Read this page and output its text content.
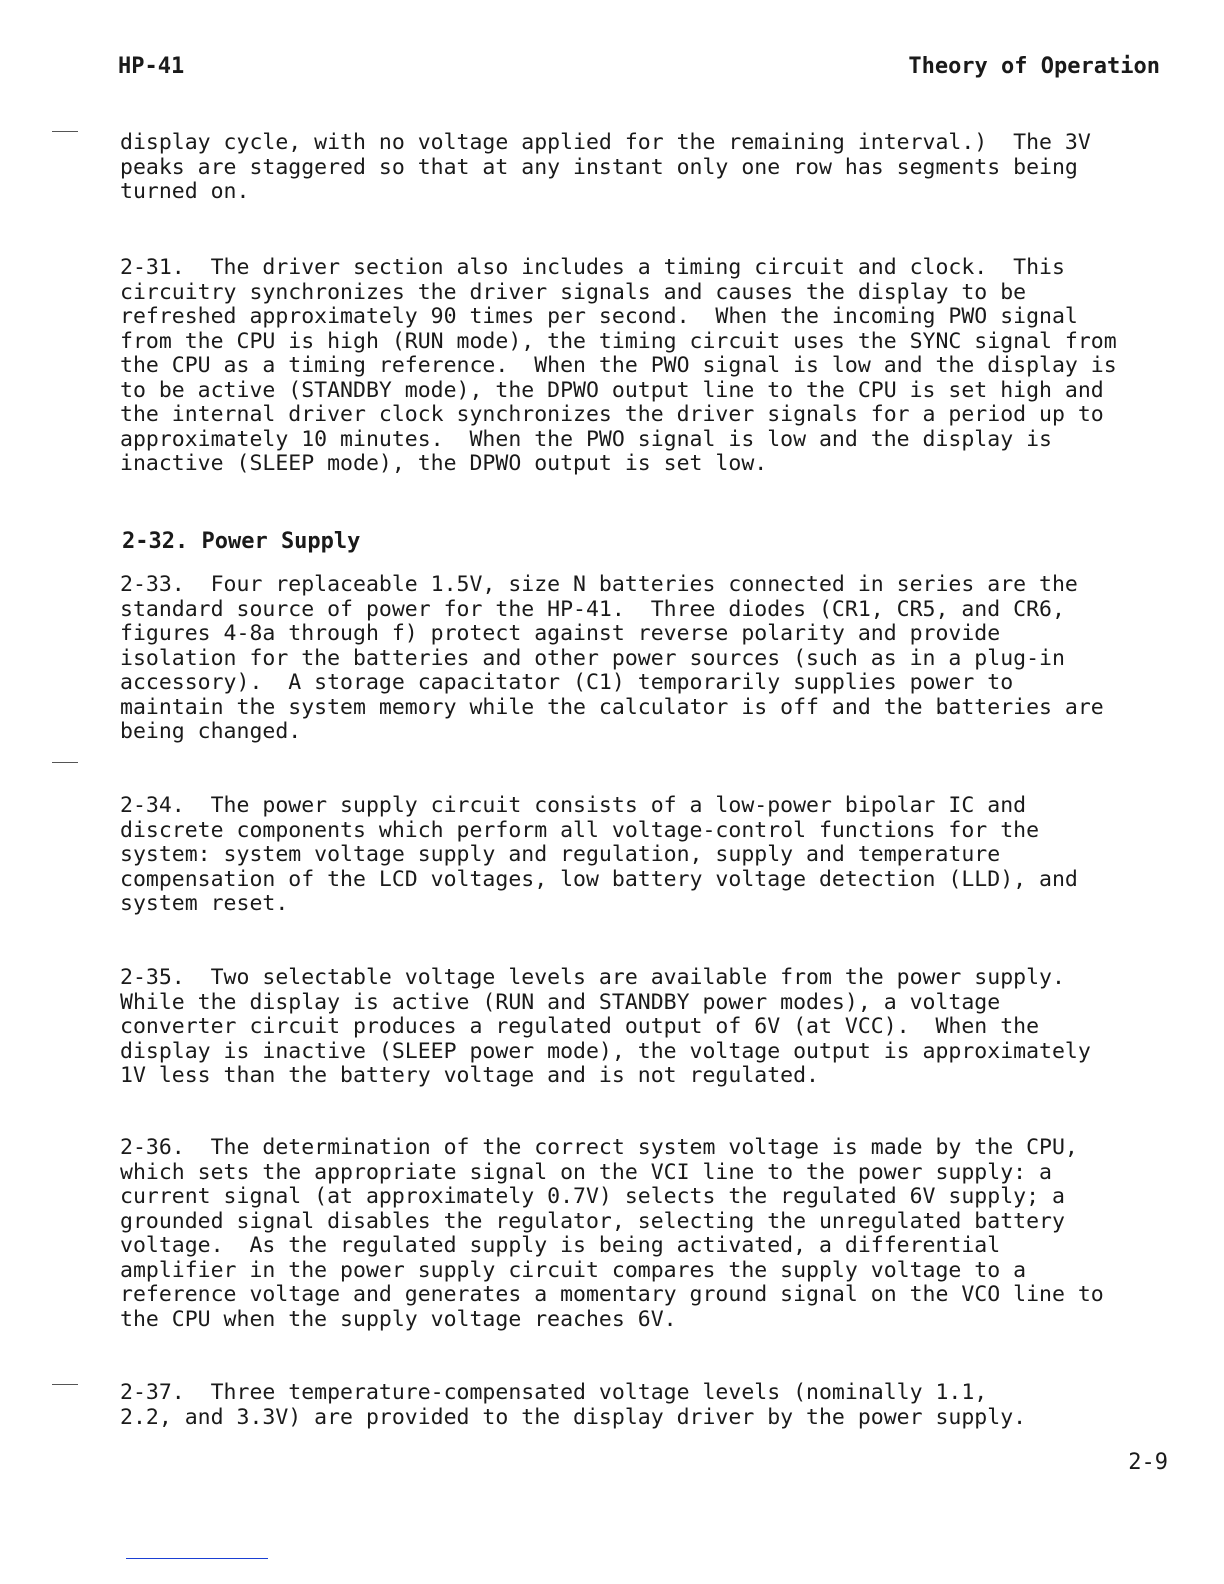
HP-41	Theory of Operation
display cycle, with no voltage applied for the remaining interval.)  The 3V
peaks are staggered so that at any instant only one row has segments being
turned on.
2-31.  The driver section also includes a timing circuit and clock.  This
circuitry synchronizes the driver signals and causes the display to be
refreshed approximately 90 times per second.  When the incoming PWO signal
from the CPU is high (RUN mode), the timing circuit uses the SYNC signal from
the CPU as a timing reference.  When the PWO signal is low and the display is
to be active (STANDBY mode), the DPWO output line to the CPU is set high and
the internal driver clock synchronizes the driver signals for a period up to
approximately 10 minutes.  When the PWO signal is low and the display is
inactive (SLEEP mode), the DPWO output is set low.
2-32. Power Supply
2-33.  Four replaceable 1.5V, size N batteries connected in series are the
standard source of power for the HP-41.  Three diodes (CR1, CR5, and CR6,
figures 4-8a through f) protect against reverse polarity and provide
isolation for the batteries and other power sources (such as in a plug-in
accessory).  A storage capacitator (C1) temporarily supplies power to
maintain the system memory while the calculator is off and the batteries are
being changed.
2-34.  The power supply circuit consists of a low-power bipolar IC and
discrete components which perform all voltage-control functions for the
system: system voltage supply and regulation, supply and temperature
compensation of the LCD voltages, low battery voltage detection (LLD), and
system reset.
2-35.  Two selectable voltage levels are available from the power supply.
While the display is active (RUN and STANDBY power modes), a voltage
converter circuit produces a regulated output of 6V (at VCC).  When the
display is inactive (SLEEP power mode), the voltage output is approximately
1V less than the battery voltage and is not regulated.
2-36.  The determination of the correct system voltage is made by the CPU,
which sets the appropriate signal on the VCI line to the power supply: a
current signal (at approximately 0.7V) selects the regulated 6V supply; a
grounded signal disables the regulator, selecting the unregulated battery
voltage.  As the regulated supply is being activated, a differential
amplifier in the power supply circuit compares the supply voltage to a
reference voltage and generates a momentary ground signal on the VCO line to
the CPU when the supply voltage reaches 6V.
2-37.  Three temperature-compensated voltage levels (nominally 1.1,
2.2, and 3.3V) are provided to the display driver by the power supply.
2-9
